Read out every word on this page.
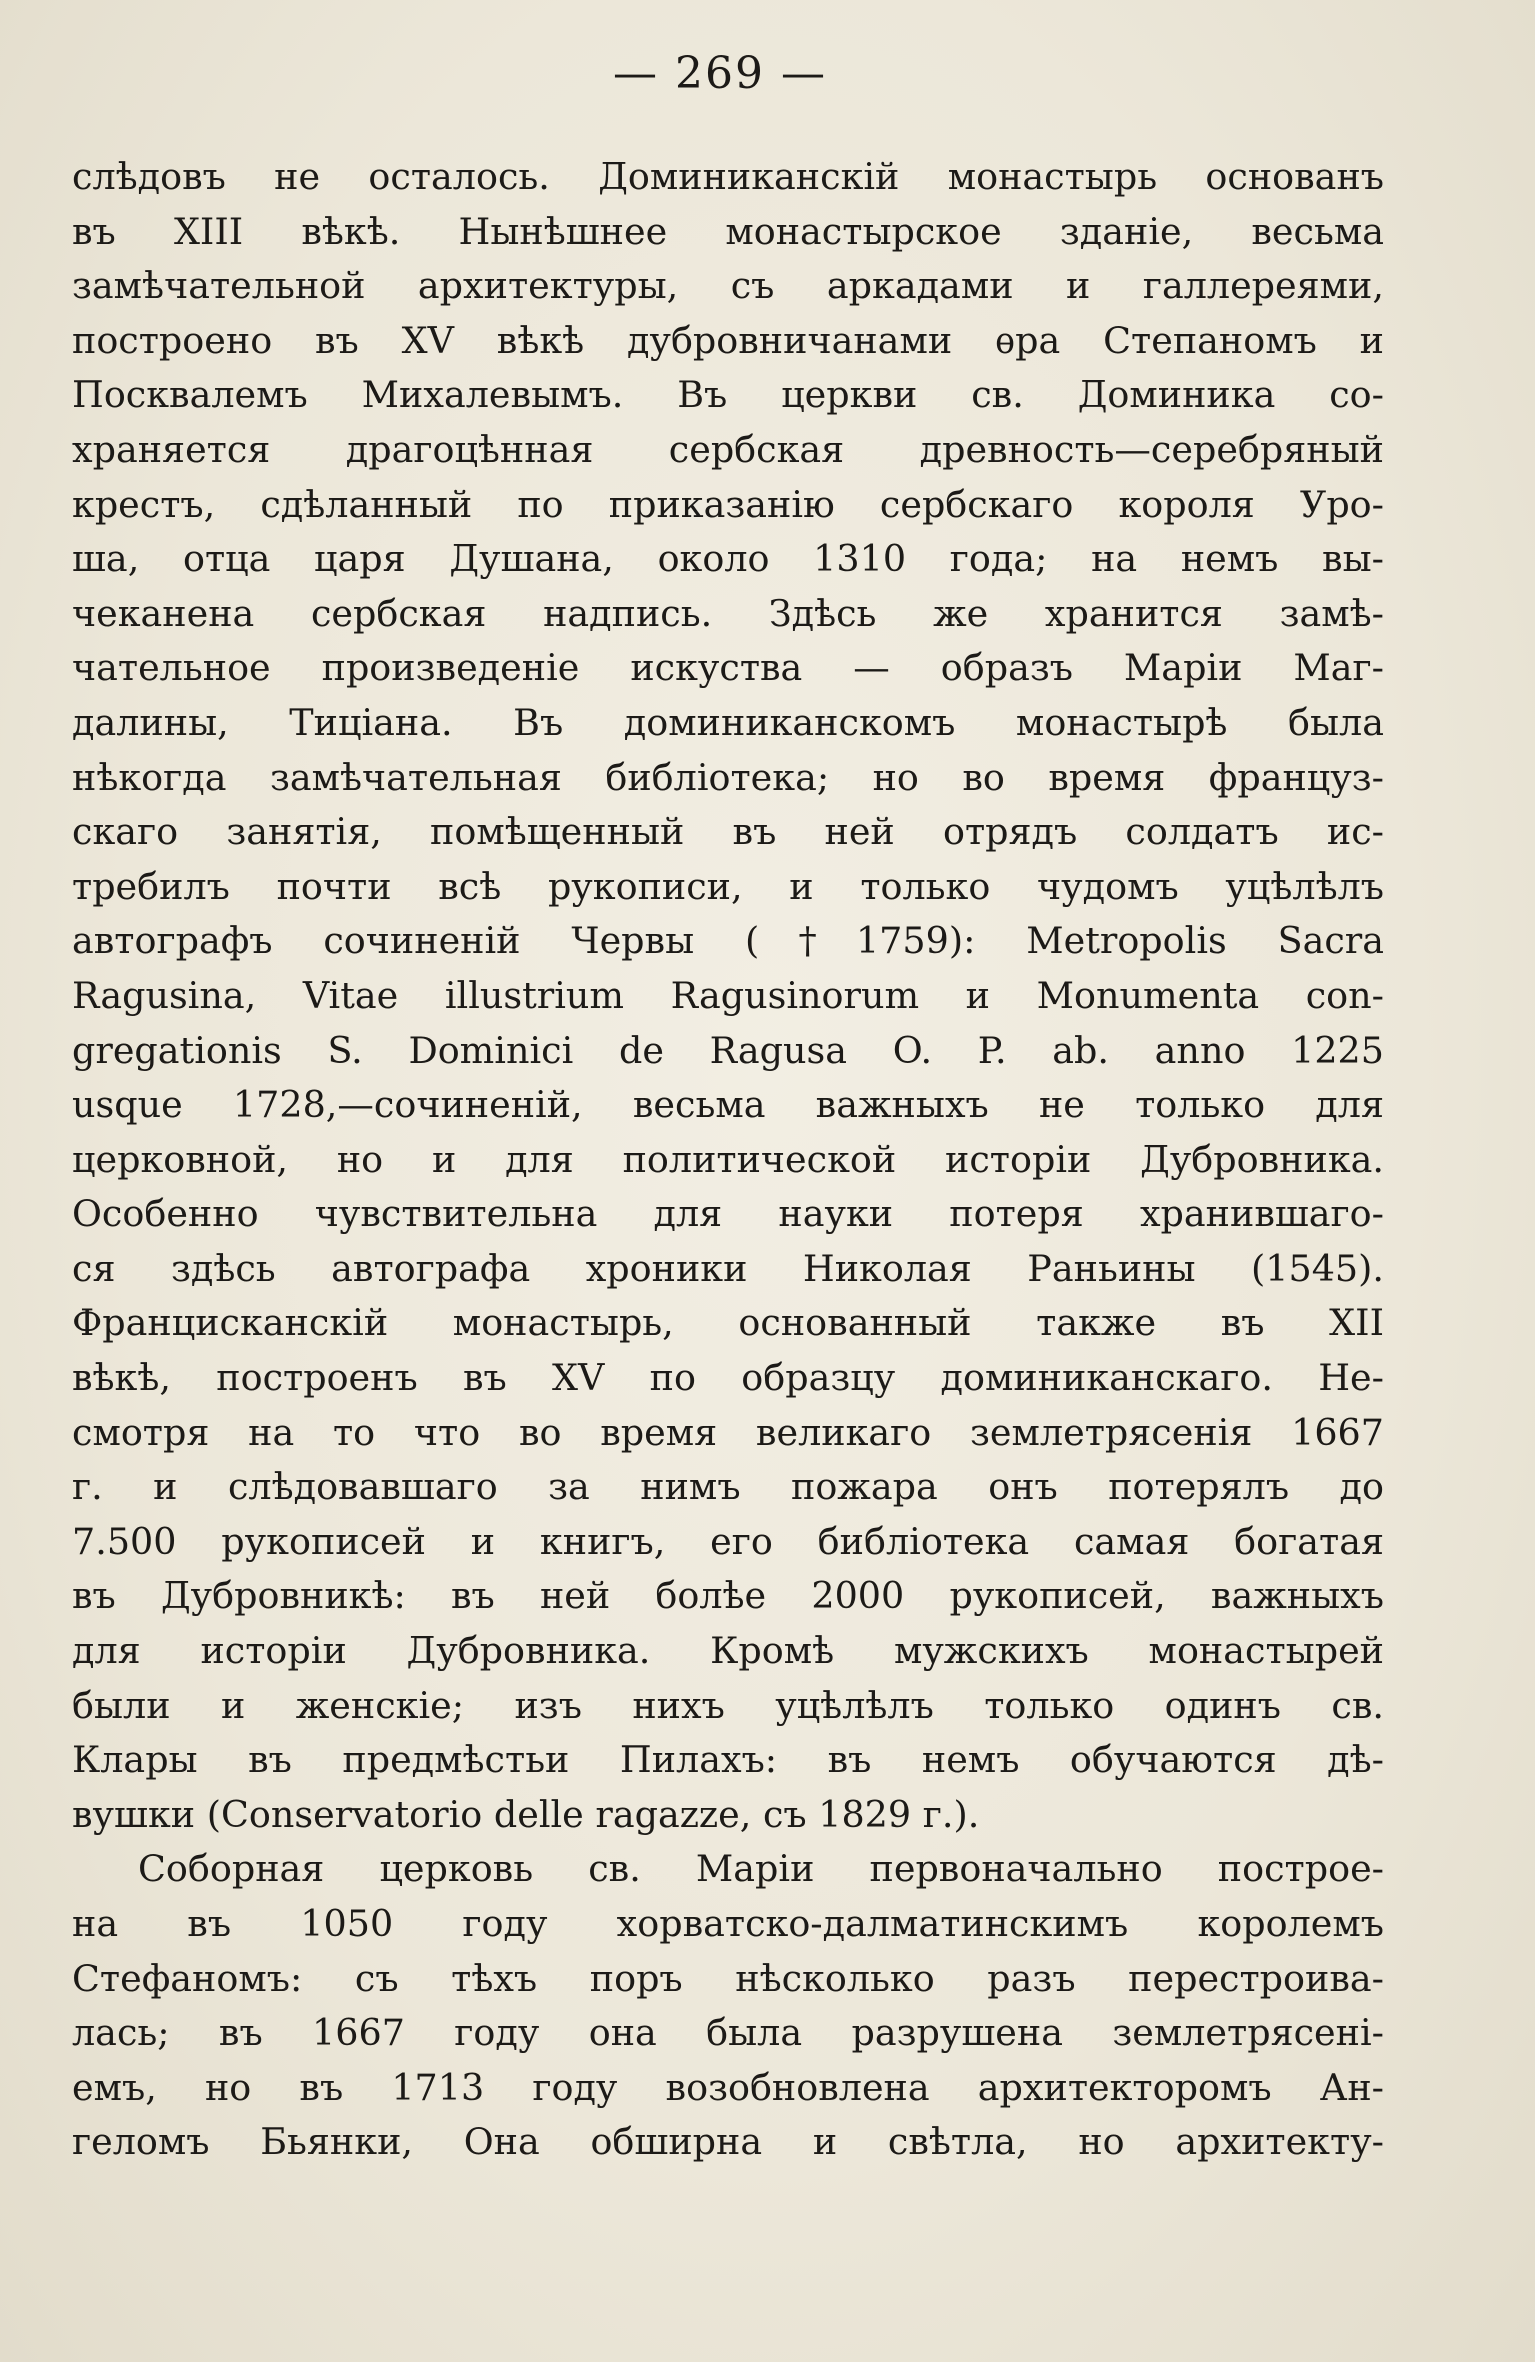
— 269 —
слѣдовъ не осталось. Доминиканскій монастырь основанъ
въ XIII вѣкѣ. Нынѣшнее монастырское зданіе, весьма
замѣчательной архитектуры, съ аркадами и галлереями,
построено въ XV вѣкѣ дубровничанами ѳра Степаномъ и
Посквалемъ Михалевымъ. Въ церкви св. Доминика со-
храняется драгоцѣнная сербская древность—серебряный
крестъ, сдѣланный по приказанію сербскаго короля Уро-
ша, отца царя Душана, около 1310 года; на немъ вы-
чеканена сербская надпись. Здѣсь же хранится замѣ-
чательное произведеніе искуства — образъ Маріи Маг-
далины, Тиціана. Въ доминиканскомъ монастырѣ была
нѣкогда замѣчательная библіотека; но во время француз-
скаго занятія, помѣщенный въ ней отрядъ солдатъ ис-
требилъ почти всѣ рукописи, и только чудомъ уцѣлѣлъ
автографъ сочиненій Червы (†1759): Metropolis Sacra
Ragusina, Vitae illustrium Ragusinorum и Monumenta con-
gregationis S. Dominici de Ragusa O. P. ab. anno 1225
usque 1728,—сочиненій, весьма важныхъ не только для
церковной, но и для политической исторіи Дубровника.
Особенно чувствительна для науки потеря хранившаго-
ся здѣсь автографа хроники Николая Раньины (1545).
Францисканскій монастырь, основанный также въ XII
вѣкѣ, построенъ въ XV по образцу доминиканскаго. Не-
смотря на то что во время великаго землетрясенія 1667
г. и слѣдовавшаго за нимъ пожара онъ потерялъ до
7.500 рукописей и книгъ, его библіотека самая богатая
въ Дубровникѣ: въ ней болѣе 2000 рукописей, важныхъ
для исторіи Дубровника. Кромѣ мужскихъ монастырей
были и женскіе; изъ нихъ уцѣлѣлъ только одинъ св.
Клары въ предмѣстьи Пилахъ: въ немъ обучаются дѣ-
вушки (Conservatorio delle ragazze, съ 1829 г.).
Соборная церковь св. Маріи первоначально построе-
на въ 1050 году хорватско-далматинскимъ королемъ
Стефаномъ: съ тѣхъ поръ нѣсколько разъ перестроива-
лась; въ 1667 году она была разрушена землетрясені-
емъ, но въ 1713 году возобновлена архитекторомъ Ан-
геломъ Бьянки, Она обширна и свѣтла, но архитекту-
